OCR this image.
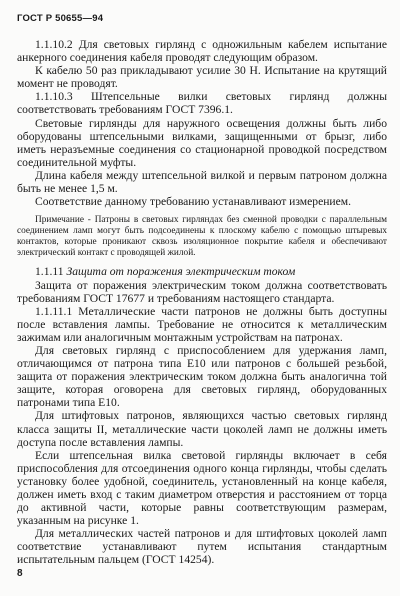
ГОСТ Р 50655—94

1.1.10.2 Для световых гирлянд с одножильным кабелем испытание анкерного соединения кабеля проводят следующим образом.

К кабелю 50 раз прикладывают усилие 30 Н. Испытание на крутящий момент не проводят.

1.1.10.3 Штепсельные вилки световых гирлянд должны соответствовать требованиям ГОСТ 7396.1.

Световые гирлянды для наружного освещения должны быть либо оборудованы штепсельными вилками, защищенными от брызг, либо иметь неразъемные соединения со стационарной проводкой посредством соединительной муфты.

Длина кабеля между штепсельной вилкой и первым патроном должна быть не менее 1,5 м.

Соответствие данному требованию устанавливают измерением.

Примечание - Патроны в световых гирляндах без сменной проводки с параллельным соединением ламп могут быть подсоединены к плоскому кабелю с помощью штыревых контактов, которые проникают сквозь изоляционное покрытие кабеля и обеспечивают электрический контакт с проводящей жилой.

1.1.11 Защита от поражения электрическим током

Защита от поражения электрическим током должна соответствовать требованиям ГОСТ 17677 и требованиям настоящего стандарта.

1.1.11.1 Металлические части патронов не должны быть доступны после вставления лампы. Требование не относится к металлическим зажимам или аналогичным монтажным устройствам на патронах.

Для световых гирлянд с приспособлением для удержания ламп, отличающимся от патрона типа E10 или патронов с большей резьбой, защита от поражения электрическим током должна быть аналогична той защите, которая оговорена для световых гирлянд, оборудованных патронами типа E10.

Для штифтовых патронов, являющихся частью световых гирлянд класса защиты II, металлические части цоколей ламп не должны иметь доступа после вставления лампы.

Если штепсельная вилка световой гирлянды включает в себя приспособления для отсоединения одного конца гирлянды, чтобы сделать установку более удобной, соединитель, установленный на конце кабеля, должен иметь вход с таким диаметром отверстия и расстоянием от торца до активной части, которые равны соответствующим размерам, указанным на рисунке 1.

Для металлических частей патронов и для штифтовых цоколей ламп соответствие устанавливают путем испытания стандартным испытательным пальцем (ГОСТ 14254).

8
